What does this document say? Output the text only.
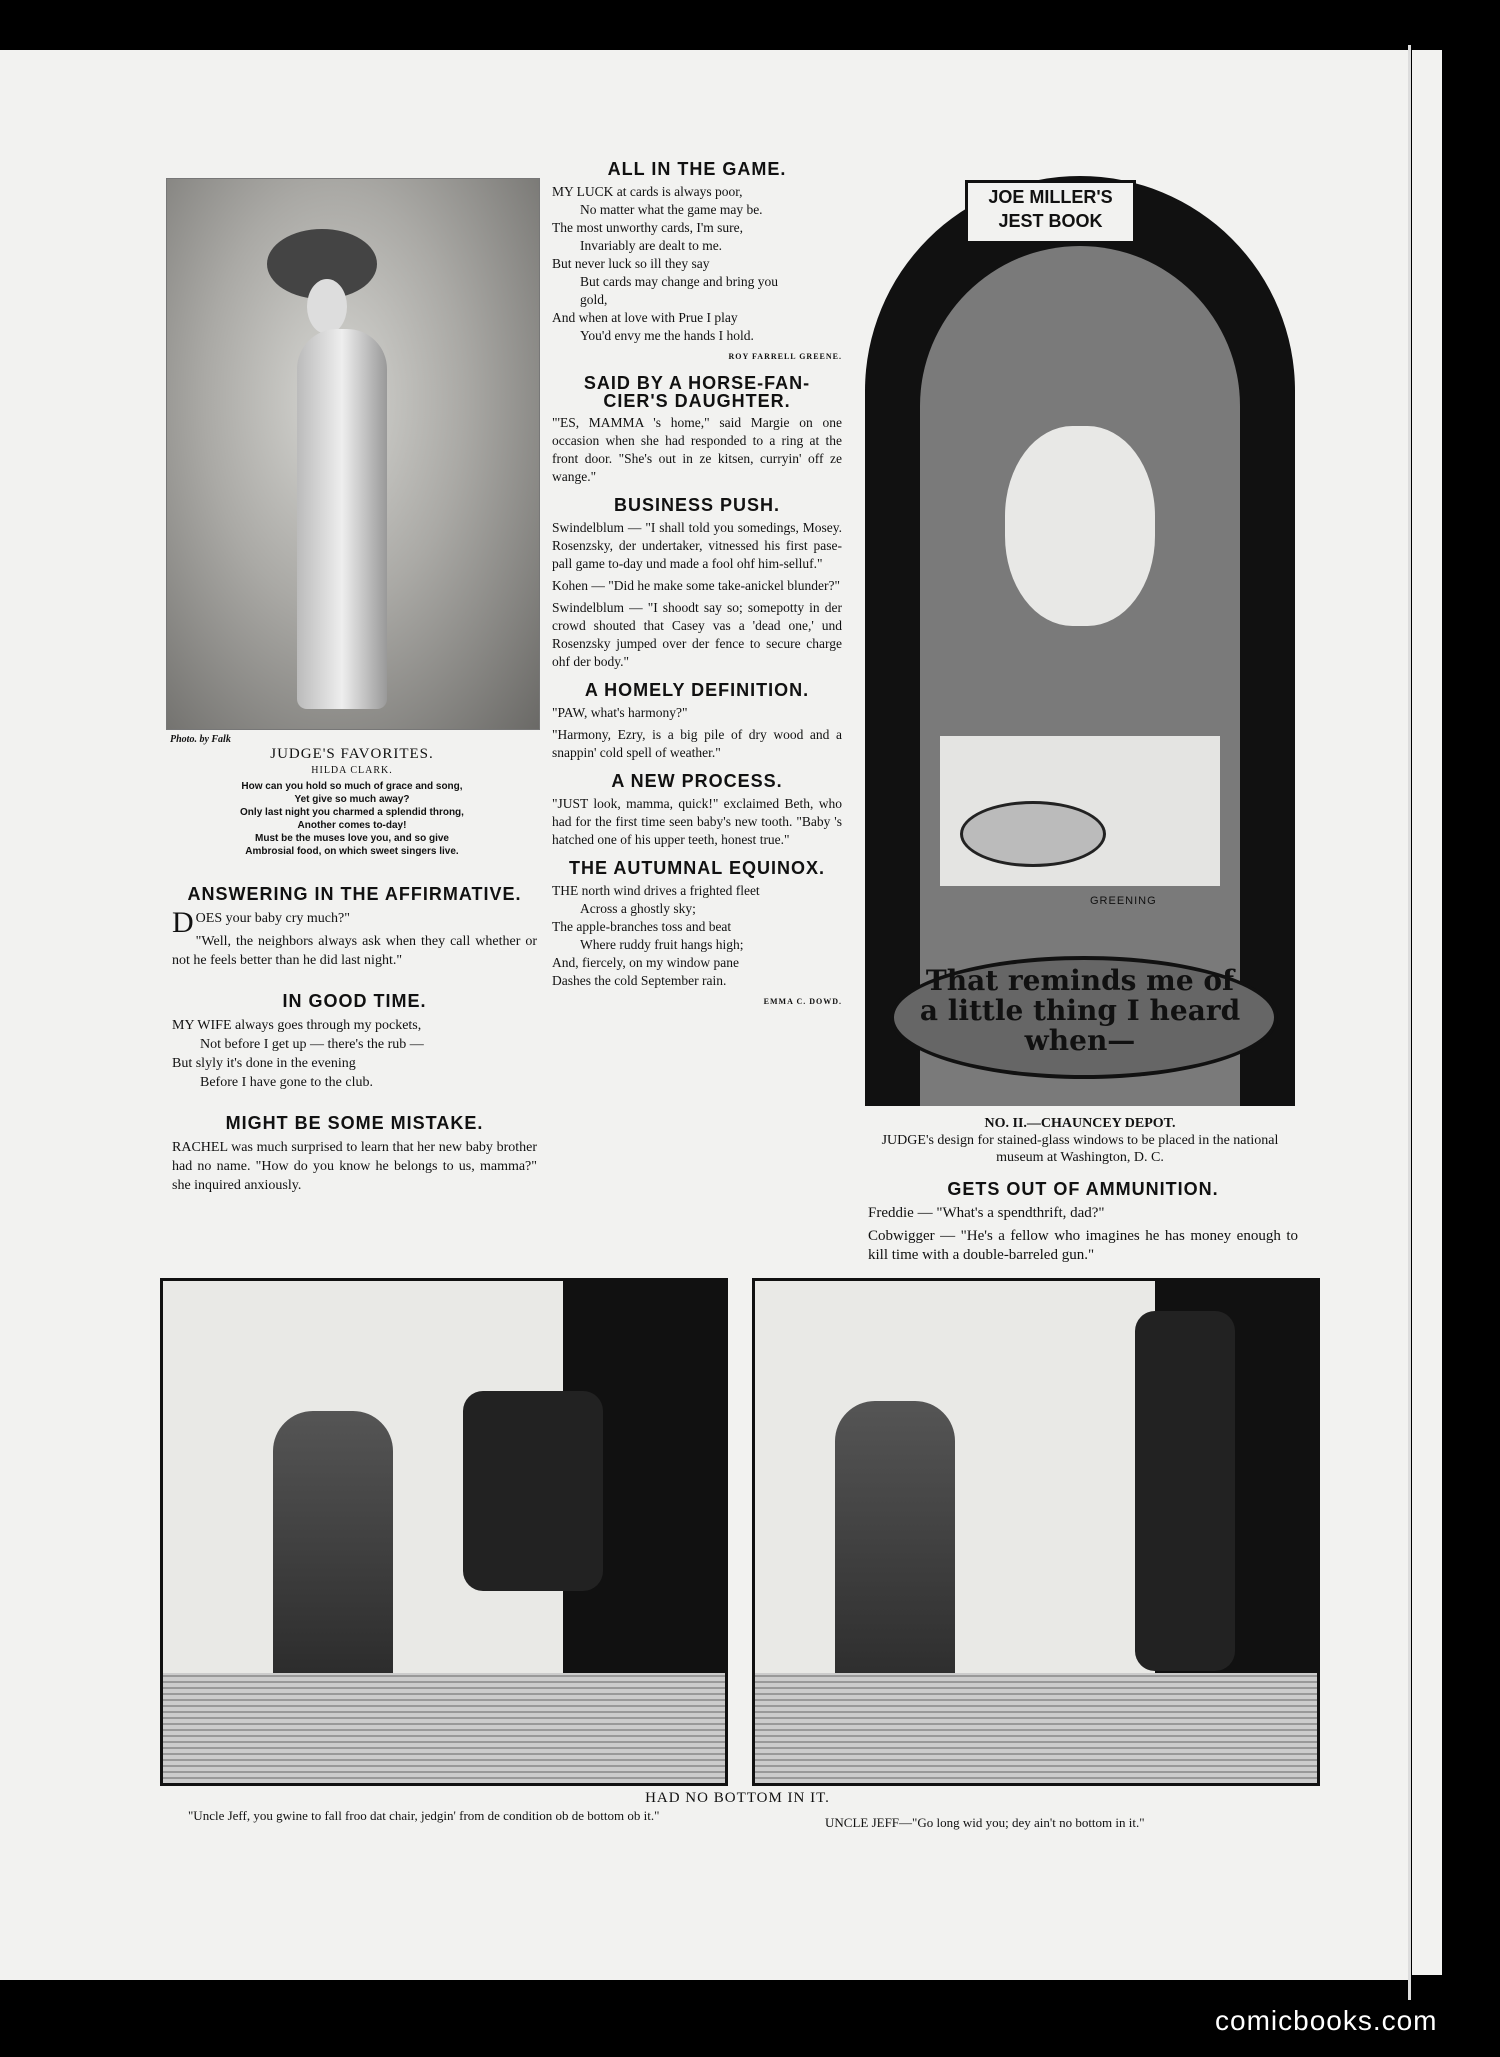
Photo. by Falk
JUDGE'S FAVORITES.
HILDA CLARK.
How can you hold so much of grace and song,
Yet give so much away?
Only last night you charmed a splendid throng,
Another comes to-day!
Must be the muses love you, and so give
Ambrosial food, on which sweet singers live.
ANSWERING IN THE AFFIRMATIVE.

DOES your baby cry much?"

"Well, the neighbors always ask when they call whether or not he feels better than he did last night."

IN GOOD TIME.
MY WIFE always goes through my pockets,
Not before I get up — there's the rub —
But slyly it's done in the evening
Before I have gone to the club.
MIGHT BE SOME MISTAKE.

RACHEL was much surprised to learn that her new baby brother had no name. "How do you know he belongs to us, mamma?" she inquired anxiously.

ALL IN THE GAME.
MY LUCK at cards is always poor,
No matter what the game may be.
The most unworthy cards, I'm sure,
Invariably are dealt to me.
But never luck so ill they say
But cards may change and bring you
gold,
And when at love with Prue I play
You'd envy me the hands I hold.
ROY FARRELL GREENE.
SAID BY A HORSE-FAN-
CIER'S DAUGHTER.

"'ES, MAMMA 's home," said Margie on one occasion when she had responded to a ring at the front door. "She's out in ze kitsen, curryin' off ze wange."

BUSINESS PUSH.

Swindelblum — "I shall told you somedings, Mosey. Rosenzsky, der undertaker, vitnessed his first pase-pall game to-day und made a fool ohf him-selluf."

Kohen — "Did he make some take-anickel blunder?"

Swindelblum — "I shoodt say so; somepotty in der crowd shouted that Casey vas a 'dead one,' und Rosenzsky jumped over der fence to secure charge ohf der body."

A HOMELY DEFINITION.

"PAW, what's harmony?"

"Harmony, Ezry, is a big pile of dry wood and a snappin' cold spell of weather."

A NEW PROCESS.

"JUST look, mamma, quick!" exclaimed Beth, who had for the first time seen baby's new tooth. "Baby 's hatched one of his upper teeth, honest true."

THE AUTUMNAL EQUINOX.
THE north wind drives a frighted fleet
Across a ghostly sky;
The apple-branches toss and beat
Where ruddy fruit hangs high;
And, fiercely, on my window pane
Dashes the cold September rain.
EMMA C. DOWD.
That reminds me of a little thing I heard when—
JOE MILLER'S
JEST BOOK
GREENING
NO. II.—CHAUNCEY DEPOT.
JUDGE's design for stained-glass windows to be placed in the national museum at Washington, D. C.
GETS OUT OF AMMUNITION.

Freddie — "What's a spendthrift, dad?"

Cobwigger — "He's a fellow who imagines he has money enough to kill time with a double-barreled gun."

HAD NO BOTTOM IN IT.
"Uncle Jeff, you gwine to fall froo dat chair, jedgin' from de condition ob de bottom ob it."	UNCLE JEFF—"Go long wid you; dey ain't no bottom in it."
comicbooks.com
